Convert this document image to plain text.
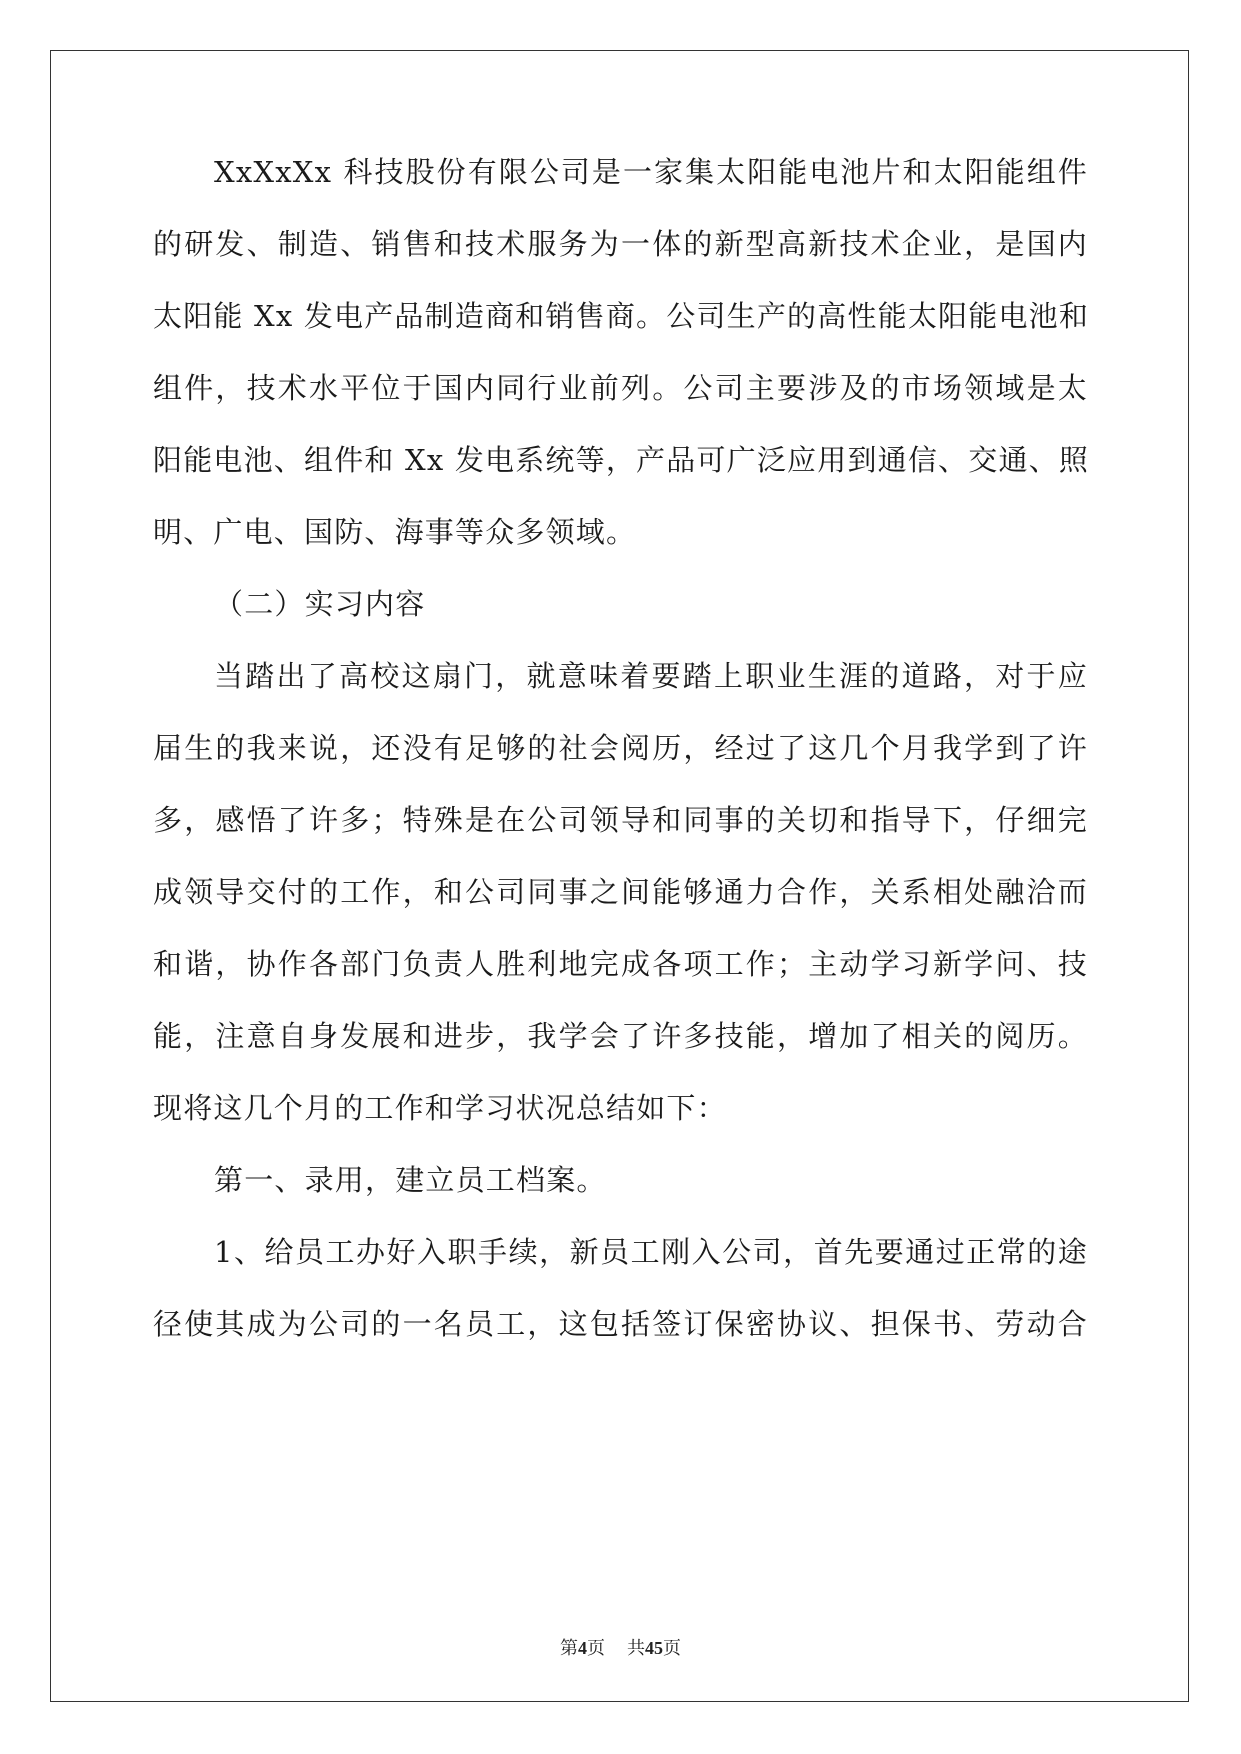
XxXxXx 科技股份有限公司是一家集太阳能电池片和太阳能组件
的研发、制造、销售和技术服务为一体的新型高新技术企业，是国内
太阳能 Xx 发电产品制造商和销售商。公司生产的高性能太阳能电池和
组件，技术水平位于国内同行业前列。公司主要涉及的市场领域是太
阳能电池、组件和 Xx 发电系统等，产品可广泛应用到通信、交通、照
明、广电、国防、海事等众多领域。
（二）实习内容
当踏出了高校这扇门，就意味着要踏上职业生涯的道路，对于应
届生的我来说，还没有足够的社会阅历，经过了这几个月我学到了许
多，感悟了许多；特殊是在公司领导和同事的关切和指导下，仔细完
成领导交付的工作，和公司同事之间能够通力合作，关系相处融洽而
和谐，协作各部门负责人胜利地完成各项工作；主动学习新学问、技
能，注意自身发展和进步，我学会了许多技能，增加了相关的阅历。
现将这几个月的工作和学习状况总结如下：
第一、录用，建立员工档案。
1、给员工办好入职手续，新员工刚入公司，首先要通过正常的途
径使其成为公司的一名员工，这包括签订保密协议、担保书、劳动合
第4页 共45页
